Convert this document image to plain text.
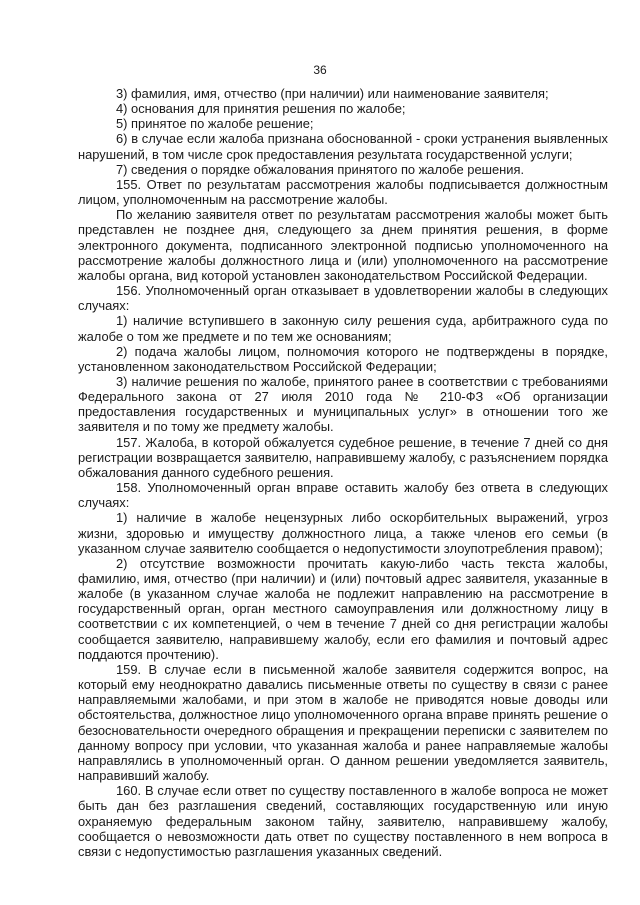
36

3) фамилия, имя, отчество (при наличии) или наименование заявителя;

4) основания для принятия решения по жалобе;

5) принятое по жалобе решение;

6) в случае если жалоба признана обоснованной - сроки устранения выявленных нарушений, в том числе срок предоставления результата государственной услуги;

7) сведения о порядке обжалования принятого по жалобе решения.

155. Ответ по результатам рассмотрения жалобы подписывается должностным лицом, уполномоченным на рассмотрение жалобы.

По желанию заявителя ответ по результатам рассмотрения жалобы может быть представлен не позднее дня, следующего за днем принятия решения, в форме электронного документа, подписанного электронной подписью уполномоченного на рассмотрение жалобы должностного лица и (или) уполномоченного на рассмотрение жалобы органа, вид которой установлен законодательством Российской Федерации.

156. Уполномоченный орган отказывает в удовлетворении жалобы в следующих случаях:

1) наличие вступившего в законную силу решения суда, арбитражного суда по жалобе о том же предмете и по тем же основаниям;

2) подача жалобы лицом, полномочия которого не подтверждены в порядке, установленном законодательством Российской Федерации;

3) наличие решения по жалобе, принятого ранее в соответствии с требованиями Федерального закона от 27 июля 2010 года № 210-ФЗ «Об организации предоставления государственных и муниципальных услуг» в отношении того же заявителя и по тому же предмету жалобы.

157. Жалоба, в которой обжалуется судебное решение, в течение 7 дней со дня регистрации возвращается заявителю, направившему жалобу, с разъяснением порядка обжалования данного судебного решения.

158. Уполномоченный орган вправе оставить жалобу без ответа в следующих случаях:

1) наличие в жалобе нецензурных либо оскорбительных выражений, угроз жизни, здоровью и имуществу должностного лица, а также членов его семьи (в указанном случае заявителю сообщается о недопустимости злоупотребления правом);

2) отсутствие возможности прочитать какую-либо часть текста жалобы, фамилию, имя, отчество (при наличии) и (или) почтовый адрес заявителя, указанные в жалобе (в указанном случае жалоба не подлежит направлению на рассмотрение в государственный орган, орган местного самоуправления или должностному лицу в соответствии с их компетенцией, о чем в течение 7 дней со дня регистрации жалобы сообщается заявителю, направившему жалобу, если его фамилия и почтовый адрес поддаются прочтению).

159. В случае если в письменной жалобе заявителя содержится вопрос, на который ему неоднократно давались письменные ответы по существу в связи с ранее направляемыми жалобами, и при этом в жалобе не приводятся новые доводы или обстоятельства, должностное лицо уполномоченного органа вправе принять решение о безосновательности очередного обращения и прекращении переписки с заявителем по данному вопросу при условии, что указанная жалоба и ранее направляемые жалобы направлялись в уполномоченный орган. О данном решении уведомляется заявитель, направивший жалобу.

160. В случае если ответ по существу поставленного в жалобе вопроса не может быть дан без разглашения сведений, составляющих государственную или иную охраняемую федеральным законом тайну, заявителю, направившему жалобу, сообщается о невозможности дать ответ по существу поставленного в нем вопроса в связи с недопустимостью разглашения указанных сведений.
